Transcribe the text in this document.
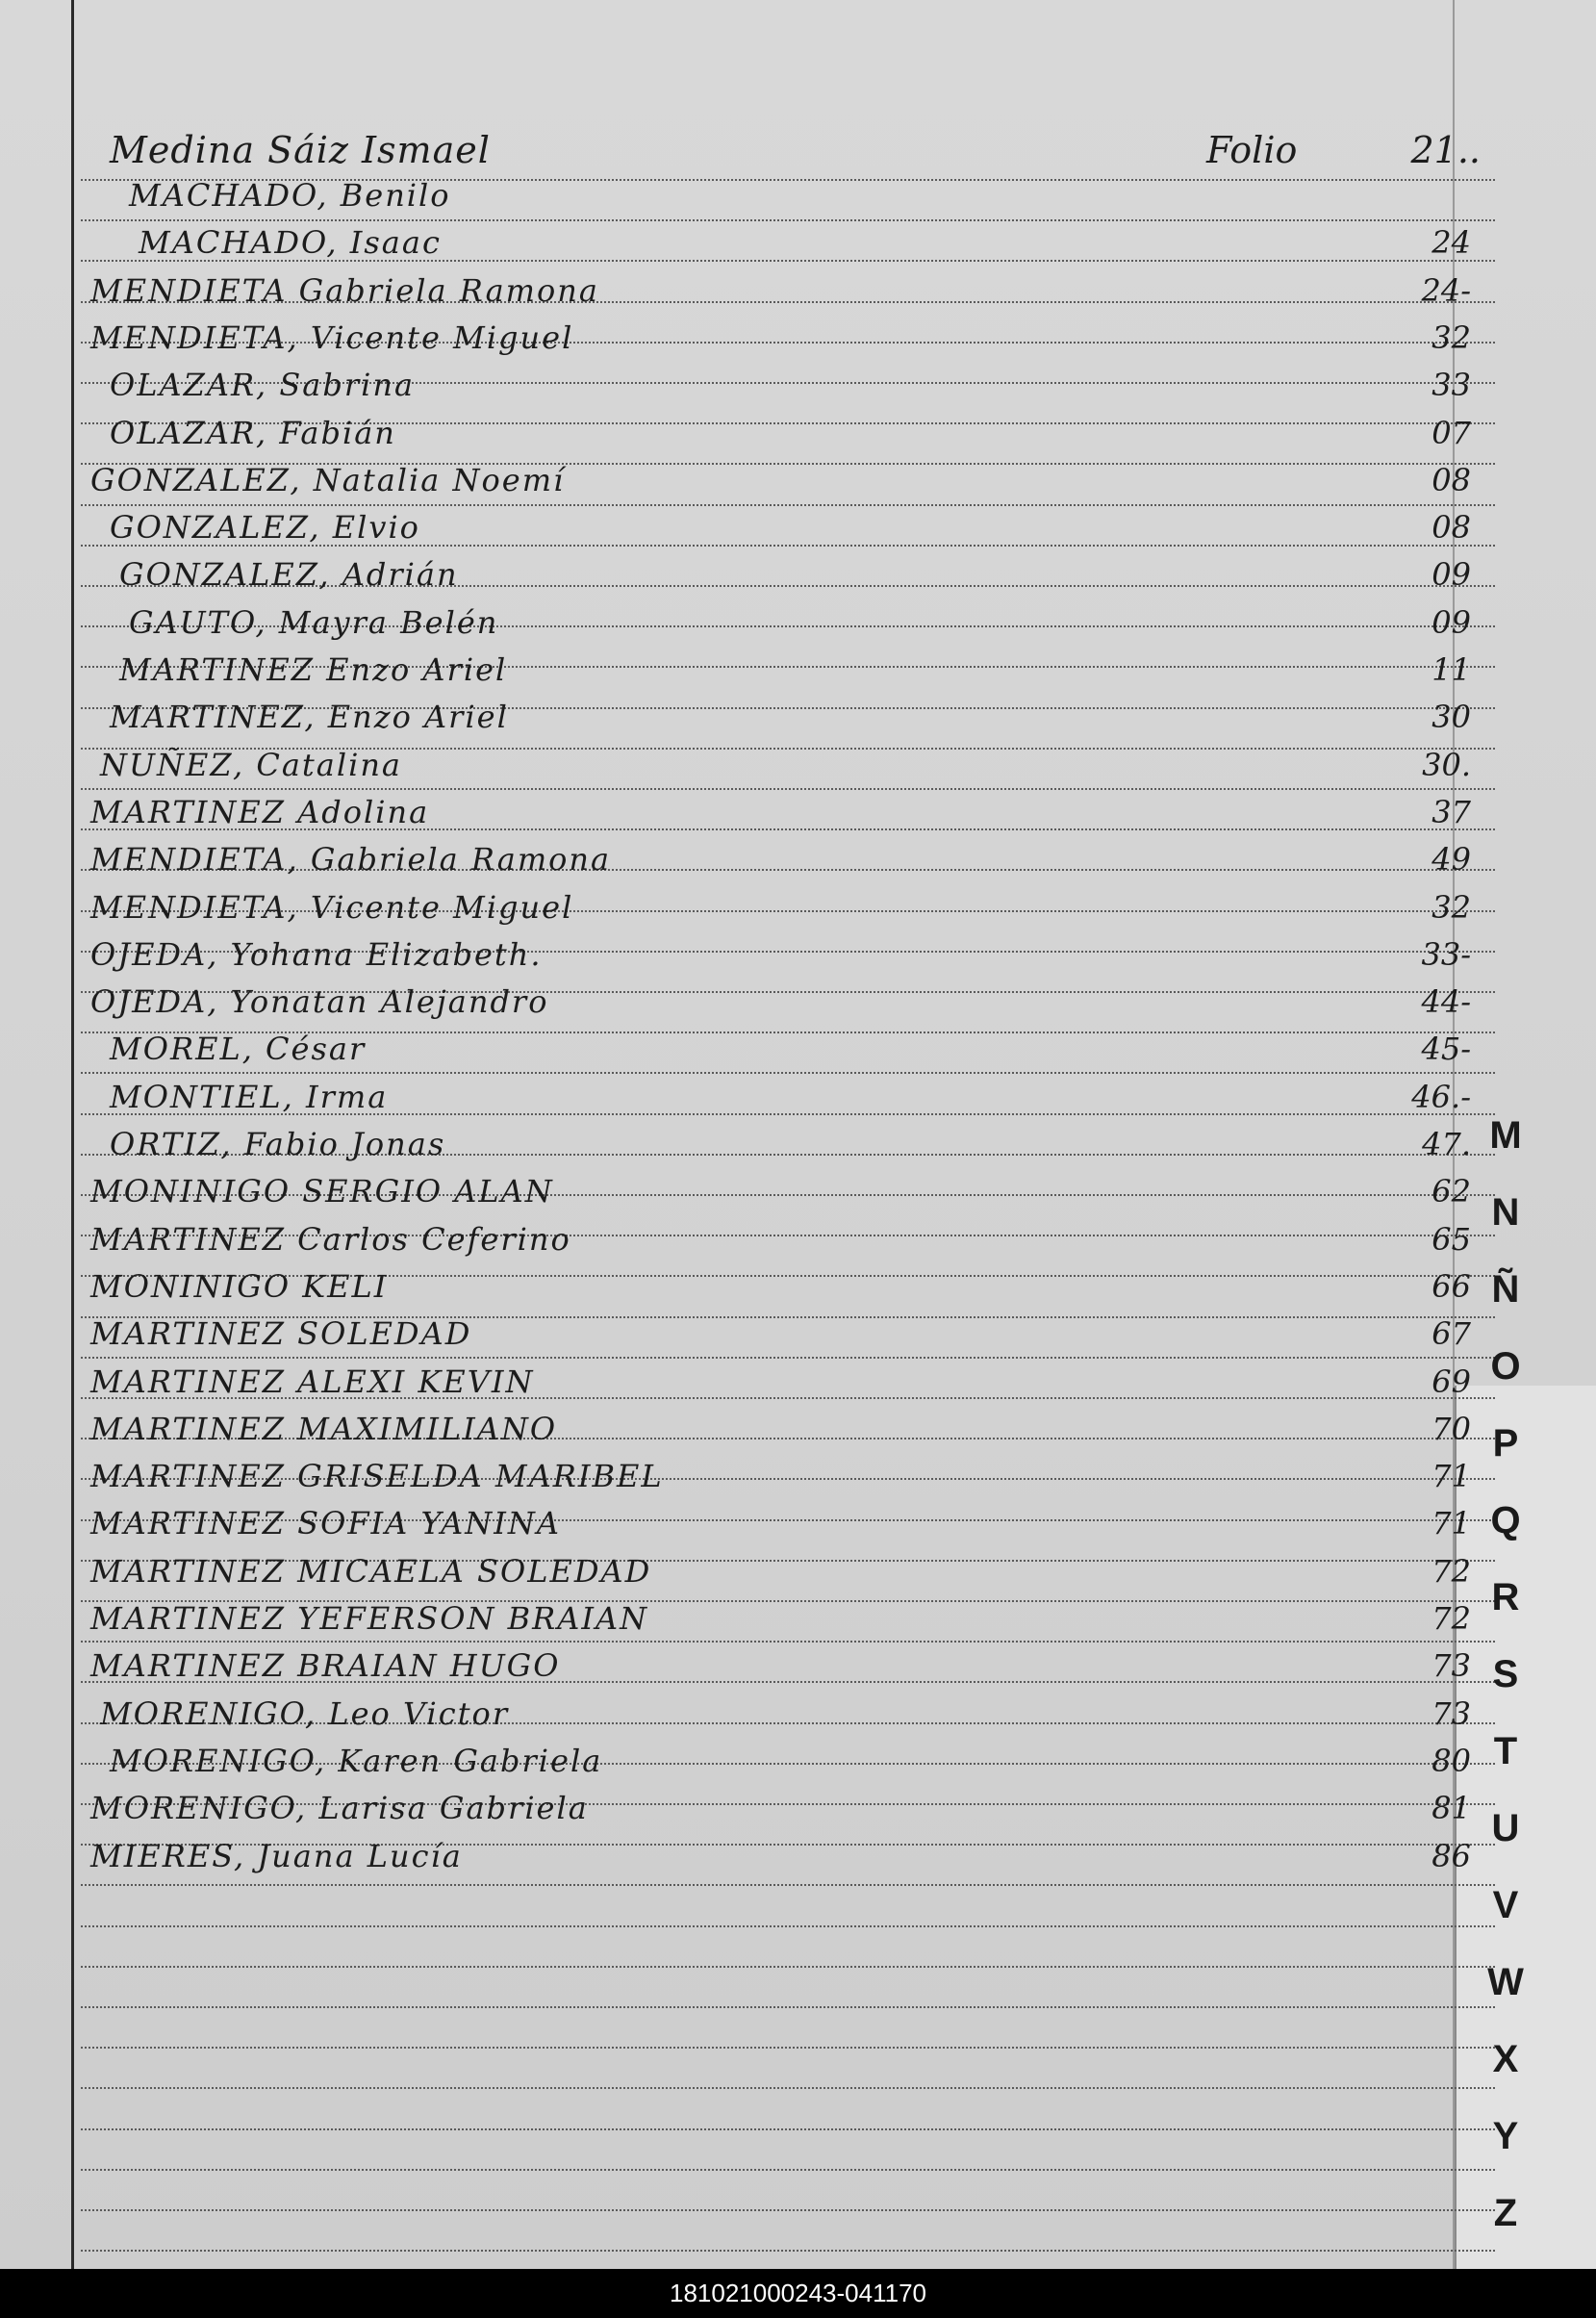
Medina Sáiz Ismael	Folio	21..
MACHADO, Benilo
MACHADO, Isaac	24
MENDIETA Gabriela Ramona	24-
MENDIETA, Vicente Miguel	32
OLAZAR, Sabrina	33
OLAZAR, Fabián	07
GONZALEZ, Natalia Noemí	08
GONZALEZ, Elvio	08
GONZALEZ, Adrián	09
GAUTO, Mayra Belén	09
MARTINEZ Enzo Ariel	11
MARTINEZ, Enzo Ariel	30
NUÑEZ, Catalina	30.
MARTINEZ Adolina	37
MENDIETA, Gabriela Ramona	49
MENDIETA, Vicente Miguel	32
OJEDA, Yohana Elizabeth.	33-
OJEDA, Yonatan Alejandro	44-
MOREL, César	45-
MONTIEL, Irma	46.-
ORTIZ, Fabio Jonas	47.
MONINIGO SERGIO ALAN	62
MARTINEZ Carlos Ceferino	65
MONINIGO KELI	66
MARTINEZ SOLEDAD	67
MARTINEZ ALEXI KEVIN	69
MARTINEZ MAXIMILIANO	70
MARTINEZ GRISELDA MARIBEL	71
MARTINEZ SOFIA YANINA	71
MARTINEZ MICAELA SOLEDAD	72
MARTINEZ YEFERSON BRAIAN	72
MARTINEZ BRAIAN HUGO	73
MORENIGO, Leo Victor	73
MORENIGO, Karen Gabriela	80
MORENIGO, Larisa Gabriela	81
MIERES, Juana Lucía	86
M
N
Ñ
O
P
Q
R
S
T
U
V
W
X
Y
Z
181021000243-041170
